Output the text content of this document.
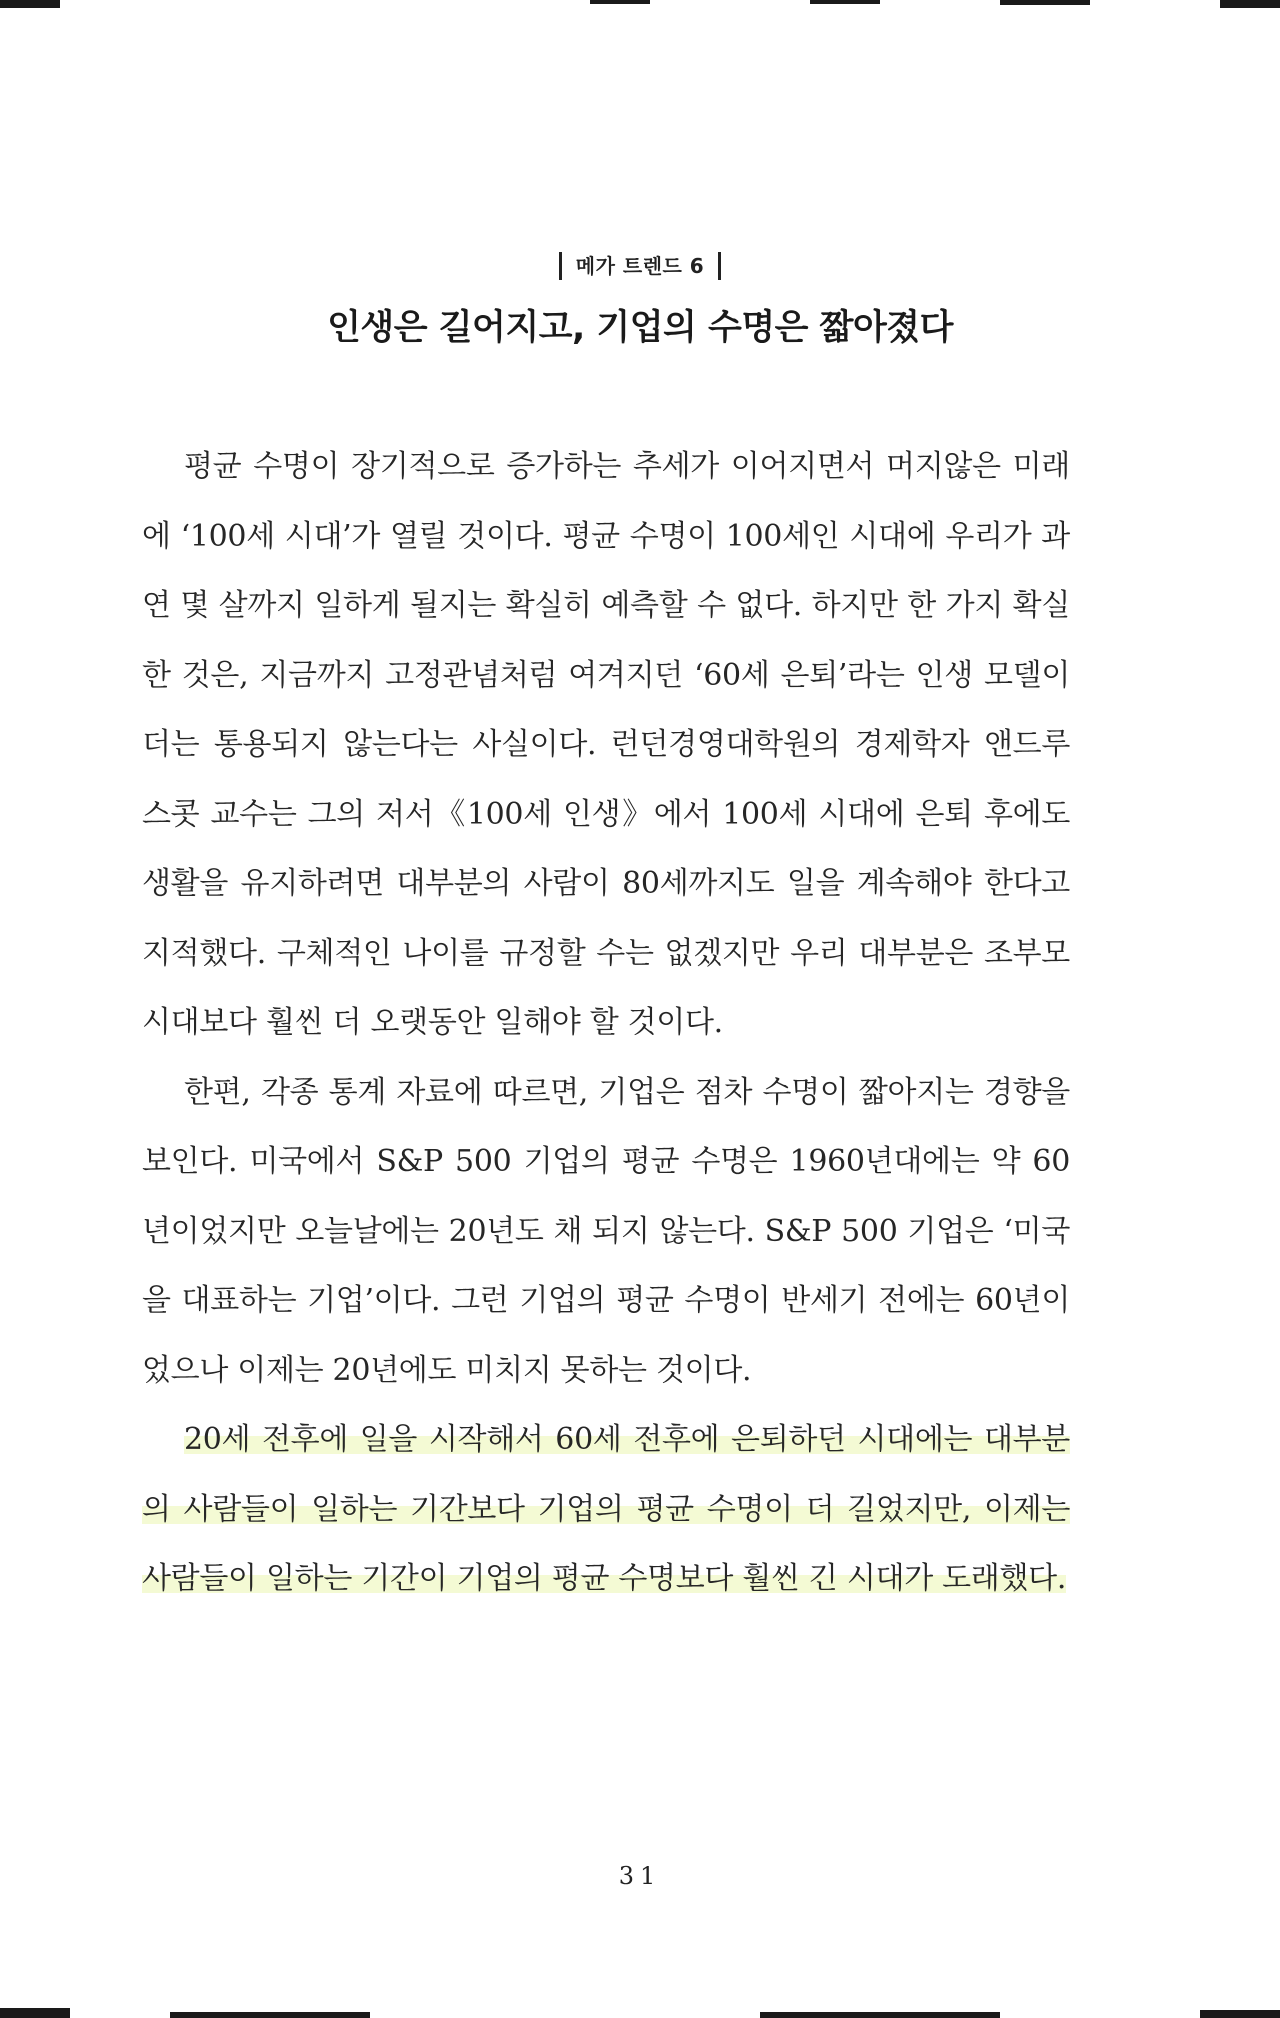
메가 트렌드 6
인생은 길어지고, 기업의 수명은 짧아졌다

평균 수명이 장기적으로 증가하는 추세가 이어지면서 머지않은 미래에 ‘100세 시대’가 열릴 것이다. 평균 수명이 100세인 시대에 우리가 과연 몇 살까지 일하게 될지는 확실히 예측할 수 없다. 하지만 한 가지 확실한 것은, 지금까지 고정관념처럼 여겨지던 ‘60세 은퇴’라는 인생 모델이 더는 통용되지 않는다는 사실이다. 런던경영대학원의 경제학자 앤드루 스콧 교수는 그의 저서《100세 인생》에서 100세 시대에 은퇴 후에도 생활을 유지하려면 대부분의 사람이 80세까지도 일을 계속해야 한다고 지적했다. 구체적인 나이를 규정할 수는 없겠지만 우리 대부분은 조부모 시대보다 훨씬 더 오랫동안 일해야 할 것이다.

한편, 각종 통계 자료에 따르면, 기업은 점차 수명이 짧아지는 경향을 보인다. 미국에서 S&P 500 기업의 평균 수명은 1960년대에는 약 60년이었지만 오늘날에는 20년도 채 되지 않는다. S&P 500 기업은 ‘미국을 대표하는 기업’이다. 그런 기업의 평균 수명이 반세기 전에는 60년이었으나 이제는 20년에도 미치지 못하는 것이다.

20세 전후에 일을 시작해서 60세 전후에 은퇴하던 시대에는 대부분의 사람들이 일하는 기간보다 기업의 평균 수명이 더 길었지만, 이제는 사람들이 일하는 기간이 기업의 평균 수명보다 훨씬 긴 시대가 도래했다.

31
